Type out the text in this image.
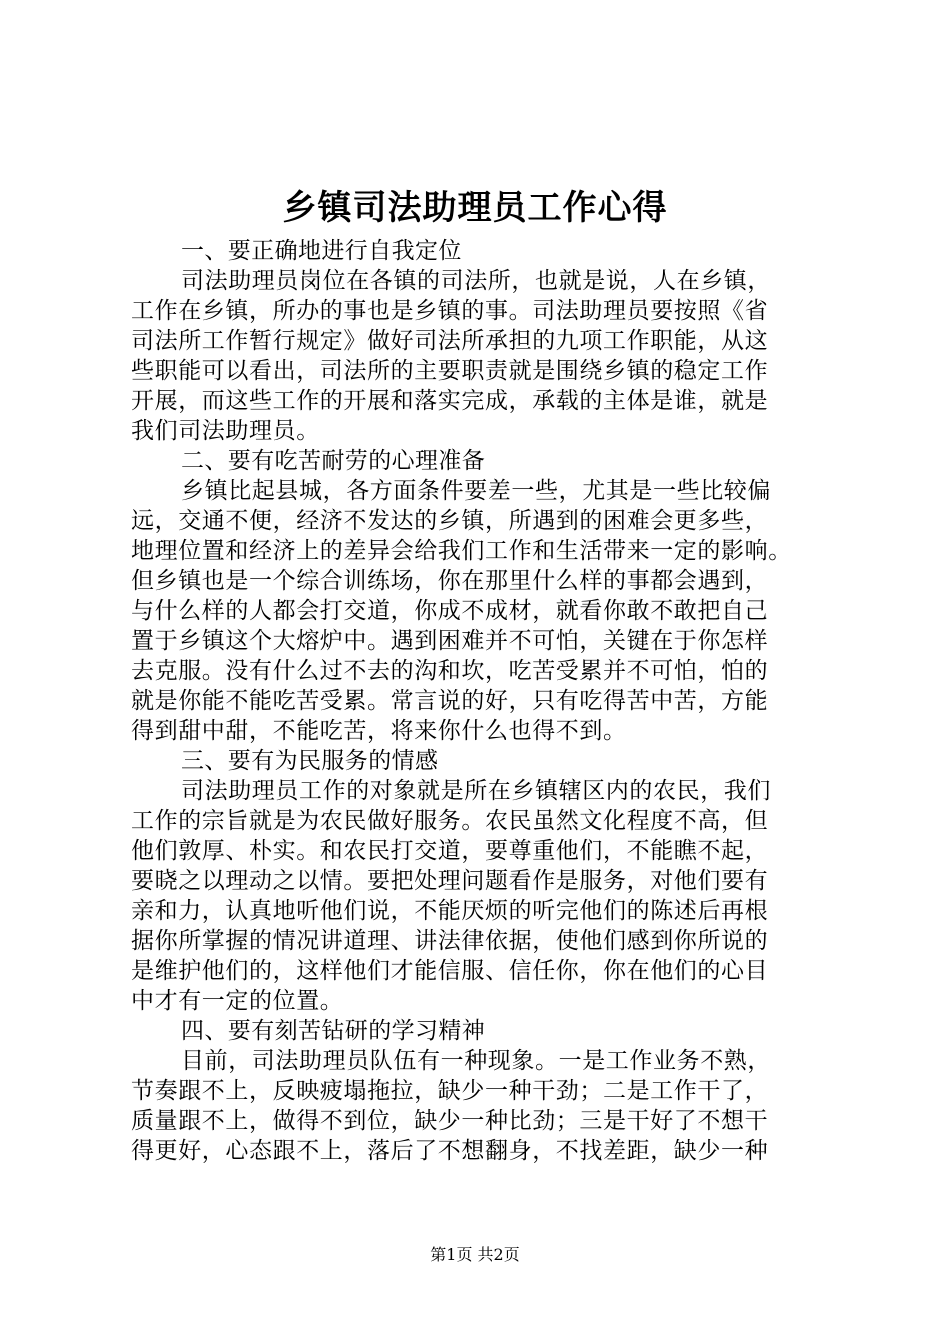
乡镇司法助理员工作心得
一、要正确地进行自我定位
司法助理员岗位在各镇的司法所，也就是说，人在乡镇，
工作在乡镇，所办的事也是乡镇的事。司法助理员要按照《省
司法所工作暂行规定》做好司法所承担的九项工作职能，从这
些职能可以看出，司法所的主要职责就是围绕乡镇的稳定工作
开展，而这些工作的开展和落实完成，承载的主体是谁，就是
我们司法助理员。
二、要有吃苦耐劳的心理准备
乡镇比起县城，各方面条件要差一些，尤其是一些比较偏
远，交通不便，经济不发达的乡镇，所遇到的困难会更多些，
地理位置和经济上的差异会给我们工作和生活带来一定的影响。
但乡镇也是一个综合训练场，你在那里什么样的事都会遇到，
与什么样的人都会打交道，你成不成材，就看你敢不敢把自己
置于乡镇这个大熔炉中。遇到困难并不可怕，关键在于你怎样
去克服。没有什么过不去的沟和坎，吃苦受累并不可怕，怕的
就是你能不能吃苦受累。常言说的好，只有吃得苦中苦，方能
得到甜中甜，不能吃苦，将来你什么也得不到。
三、要有为民服务的情感
司法助理员工作的对象就是所在乡镇辖区内的农民，我们
工作的宗旨就是为农民做好服务。农民虽然文化程度不高，但
他们敦厚、朴实。和农民打交道，要尊重他们，不能瞧不起，
要晓之以理动之以情。要把处理问题看作是服务，对他们要有
亲和力，认真地听他们说，不能厌烦的听完他们的陈述后再根
据你所掌握的情况讲道理、讲法律依据，使他们感到你所说的
是维护他们的，这样他们才能信服、信任你，你在他们的心目
中才有一定的位置。
四、要有刻苦钻研的学习精神
目前，司法助理员队伍有一种现象。一是工作业务不熟，
节奏跟不上，反映疲塌拖拉，缺少一种干劲；二是工作干了，
质量跟不上，做得不到位，缺少一种比劲；三是干好了不想干
得更好，心态跟不上，落后了不想翻身，不找差距，缺少一种
第1页 共2页
